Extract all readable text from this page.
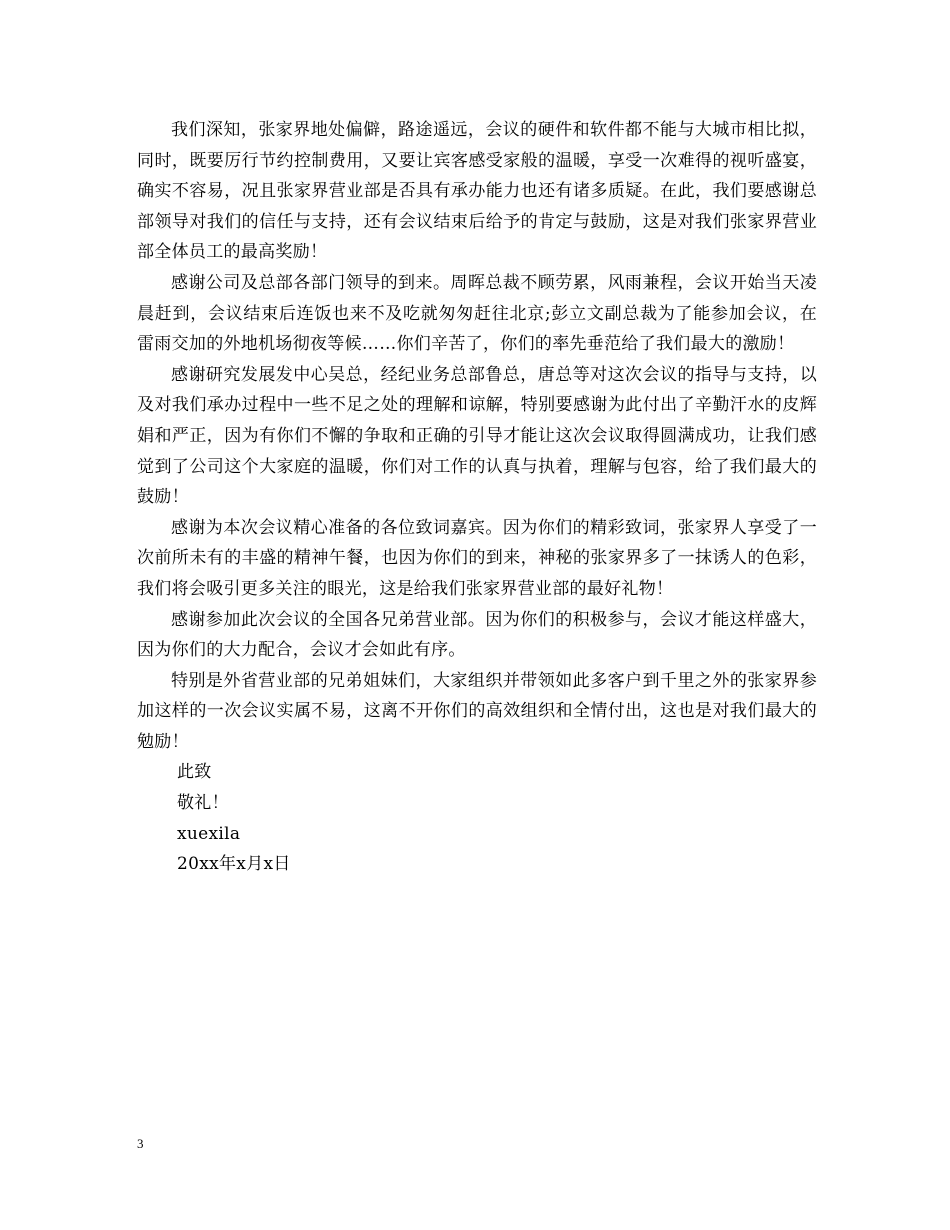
我们深知，张家界地处偏僻，路途遥远，会议的硬件和软件都不能与大城市相比拟，同时，既要厉行节约控制费用，又要让宾客感受家般的温暖，享受一次难得的视听盛宴，确实不容易，况且张家界营业部是否具有承办能力也还有诸多质疑。在此，我们要感谢总部领导对我们的信任与支持，还有会议结束后给予的肯定与鼓励，这是对我们张家界营业部全体员工的最高奖励！

感谢公司及总部各部门领导的到来。周晖总裁不顾劳累，风雨兼程，会议开始当天凌晨赶到，会议结束后连饭也来不及吃就匆匆赶往北京;彭立文副总裁为了能参加会议，在雷雨交加的外地机场彻夜等候……你们辛苦了，你们的率先垂范给了我们最大的激励！

感谢研究发展发中心吴总，经纪业务总部鲁总，唐总等对这次会议的指导与支持，以及对我们承办过程中一些不足之处的理解和谅解，特别要感谢为此付出了辛勤汗水的皮辉娟和严正，因为有你们不懈的争取和正确的引导才能让这次会议取得圆满成功，让我们感觉到了公司这个大家庭的温暖，你们对工作的认真与执着，理解与包容，给了我们最大的鼓励！

感谢为本次会议精心准备的各位致词嘉宾。因为你们的精彩致词，张家界人享受了一次前所未有的丰盛的精神午餐，也因为你们的到来，神秘的张家界多了一抹诱人的色彩，我们将会吸引更多关注的眼光，这是给我们张家界营业部的最好礼物！

感谢参加此次会议的全国各兄弟营业部。因为你们的积极参与，会议才能这样盛大，因为你们的大力配合，会议才会如此有序。

特别是外省营业部的兄弟姐妹们，大家组织并带领如此多客户到千里之外的张家界参加这样的一次会议实属不易，这离不开你们的高效组织和全情付出，这也是对我们最大的勉励！

此致

敬礼！

xuexila

20xx年x月x日

3
